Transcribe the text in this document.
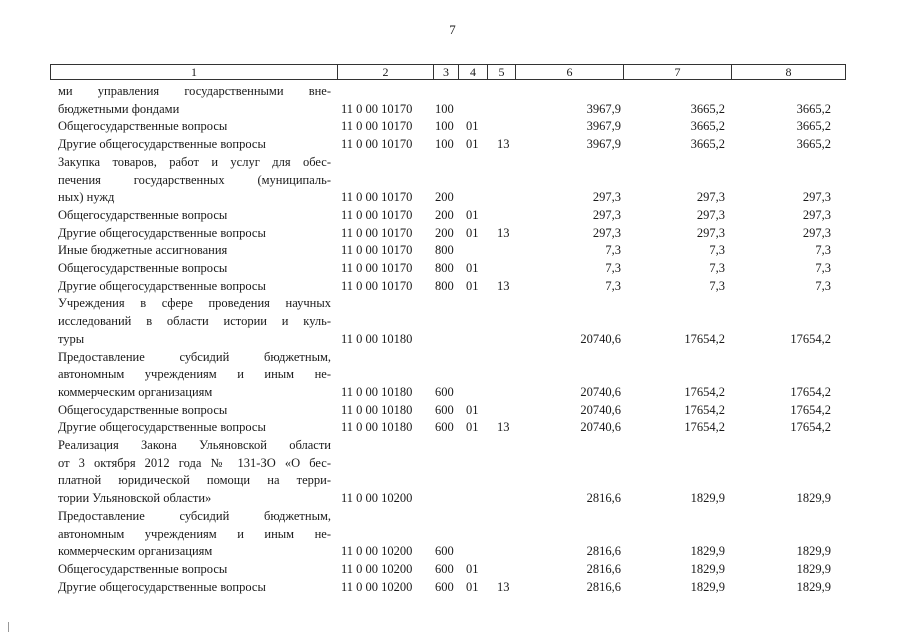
7
1	2	3	4	5	6	7	8
ми управления государственными вне-
бюджетными фондами	11 0 00 10170 100	3967,9	3665,2	3665,2
Общегосударственные вопросы	11 0 00 10170 100 01	3967,9	3665,2	3665,2
Другие общегосударственные вопросы	11 0 00 10170 100 01 13	3967,9	3665,2	3665,2
Закупка товаров, работ и услуг для обес-
печения государственных (муниципаль-
ных) нужд	11 0 00 10170 200	297,3	297,3	297,3
Общегосударственные вопросы	11 0 00 10170 200 01	297,3	297,3	297,3
Другие общегосударственные вопросы	11 0 00 10170 200 01 13	297,3	297,3	297,3
Иные бюджетные ассигнования	11 0 00 10170 800	7,3	7,3	7,3
Общегосударственные вопросы	11 0 00 10170 800 01	7,3	7,3	7,3
Другие общегосударственные вопросы	11 0 00 10170 800 01 13	7,3	7,3	7,3
Учреждения в сфере проведения научных
исследований в области истории и куль-
туры	11 0 00 10180	20740,6	17654,2	17654,2
Предоставление субсидий бюджетным,
автономным учреждениям и иным не-
коммерческим организациям	11 0 00 10180 600	20740,6	17654,2	17654,2
Общегосударственные вопросы	11 0 00 10180 600 01	20740,6	17654,2	17654,2
Другие общегосударственные вопросы	11 0 00 10180 600 01 13	20740,6	17654,2	17654,2
Реализация Закона Ульяновской области
от 3 октября 2012 года № 131-ЗО «О бес-
платной юридической помощи на терри-
тории Ульяновской области»	11 0 00 10200	2816,6	1829,9	1829,9
Предоставление субсидий бюджетным,
автономным учреждениям и иным не-
коммерческим организациям	11 0 00 10200 600	2816,6	1829,9	1829,9
Общегосударственные вопросы	11 0 00 10200 600 01	2816,6	1829,9	1829,9
Другие общегосударственные вопросы	11 0 00 10200 600 01 13	2816,6	1829,9	1829,9
